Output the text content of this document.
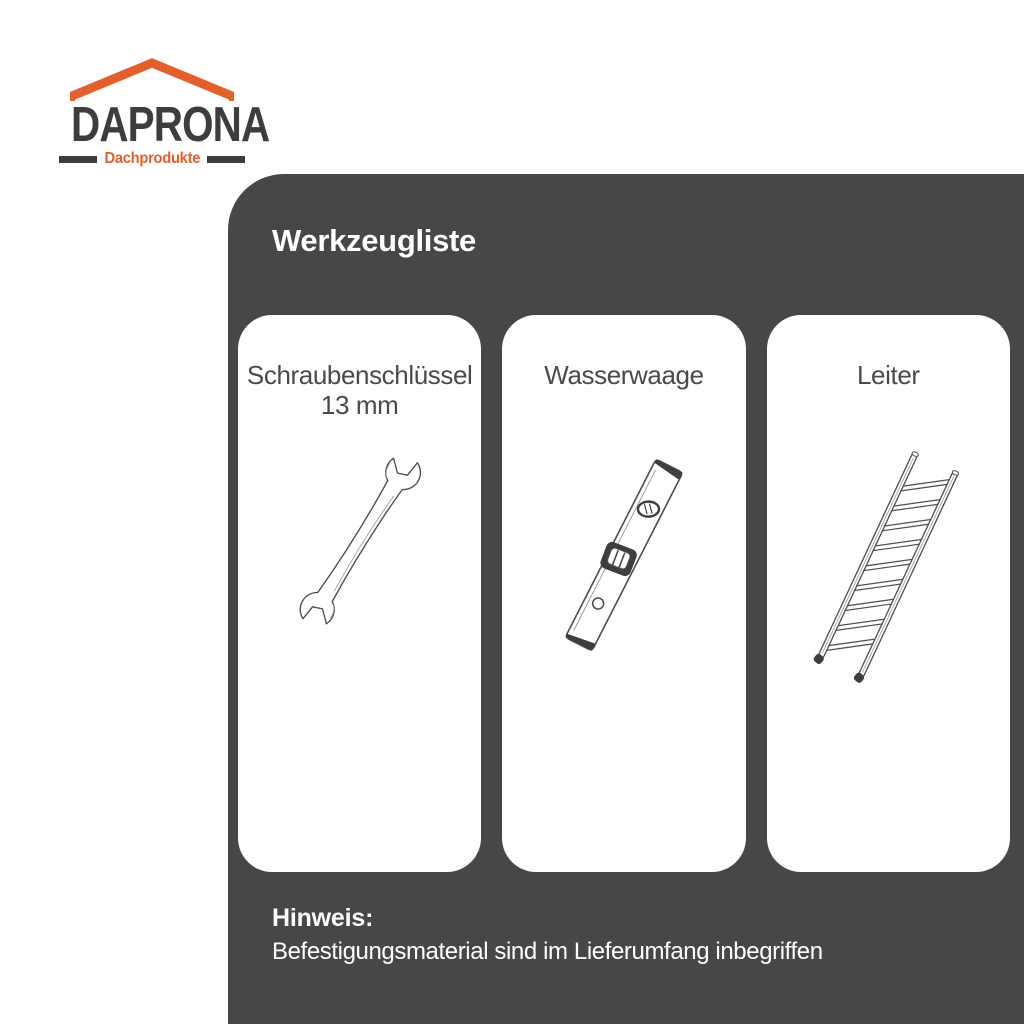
DAPRONA
Dachprodukte
Werkzeugliste
Schraubenschlüssel
13 mm
Wasserwaage	Leiter
Hinweis:
Befestigungsmaterial sind im Lieferumfang inbegriffen
